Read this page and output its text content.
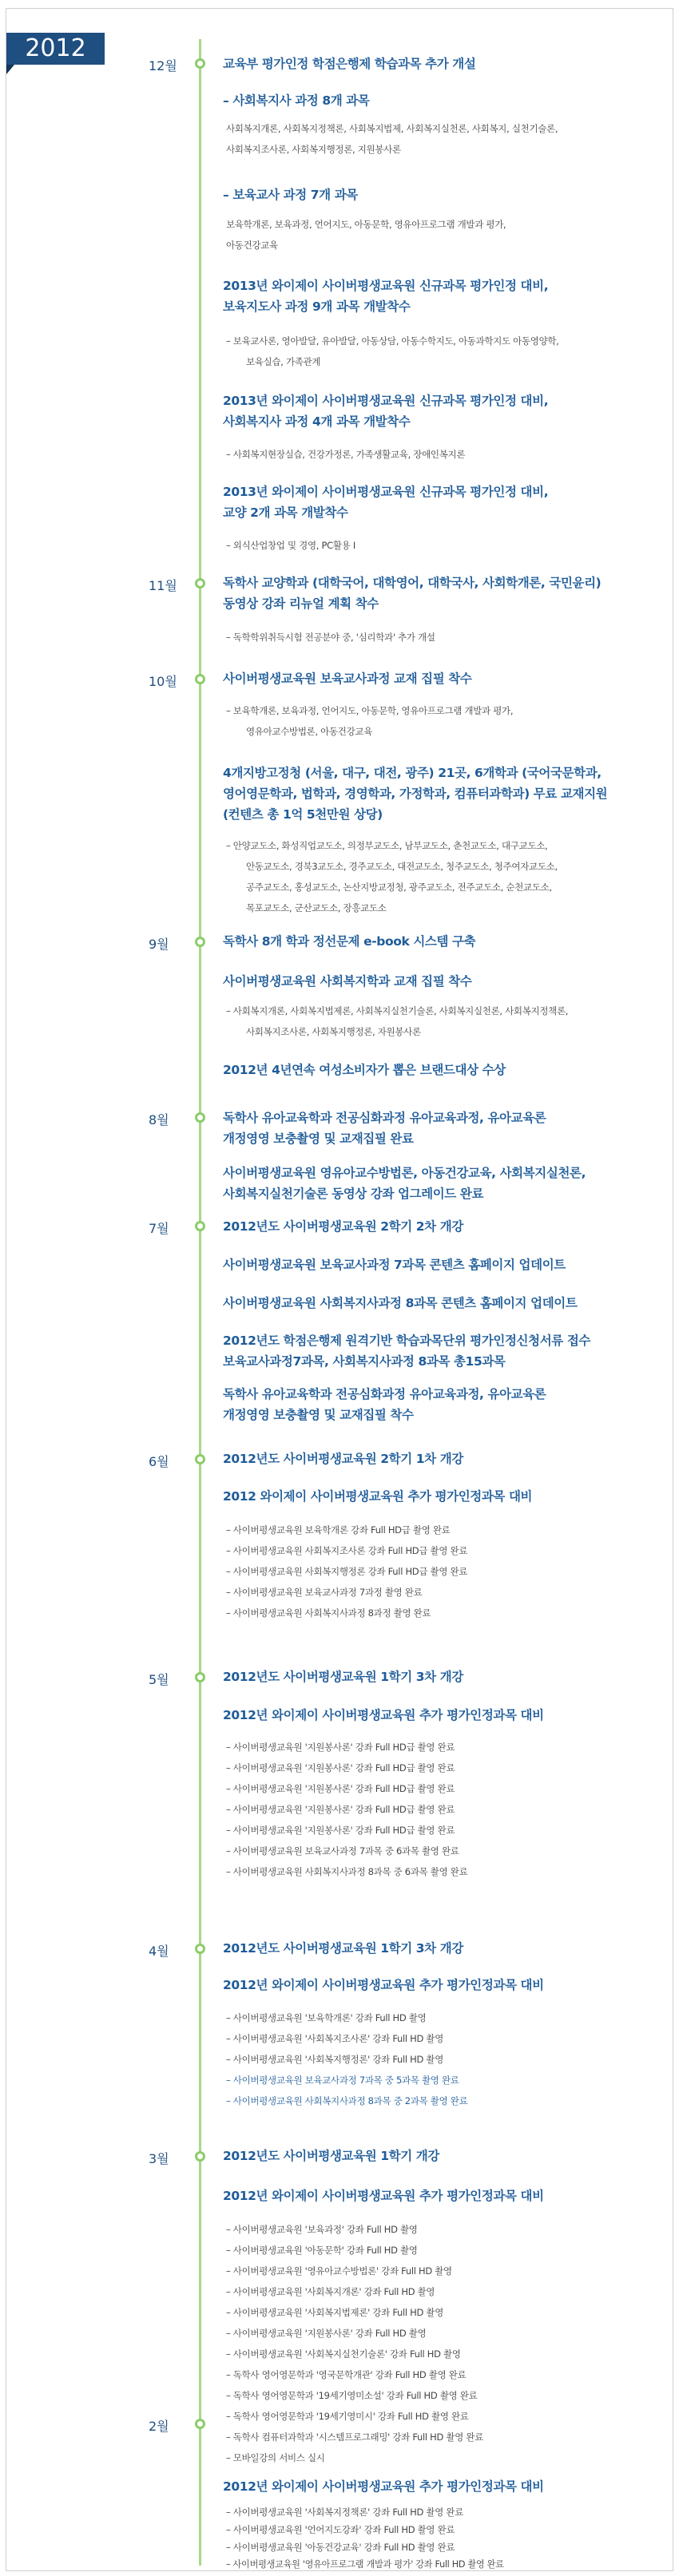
2012
12월
11월
10월
9월
8월
7월
6월
5월
4월
3월
2월
교육부 평가인정 학점은행제 학습과목 추가 개설
– 사회복지사 과정 8개 과목
사회복지개론, 사회복지정책론, 사회복지법제, 사회복지실천론, 사회복지, 실천기술론,
사회복지조사론, 사회복지행정론, 지원봉사론
– 보육교사 과정 7개 과목
보육학개론, 보육과정, 언어지도, 아동문학, 영유아프로그램 개발과 평가,
아동건강교육
2013년 와이제이 사이버평생교육원 신규과목 평가인정 대비,
보육지도사 과정 9개 과목 개발착수
– 보육교사론, 영아발달, 유아발달, 아동상담, 아동수학지도, 아동과학지도 아동영양학,
보육실습, 가족관계
2013년 와이제이 사이버평생교육원 신규과목 평가인정 대비,
사회복지사 과정 4개 과목 개발착수
– 사회복지현장실습, 건강가정론, 가족생활교육, 장애인복지론
2013년 와이제이 사이버평생교육원 신규과목 평가인정 대비,
교양 2개 과목 개발착수
– 외식산업창업 및 경영, PC활용 I
독학사 교양학과 (대학국어, 대학영어, 대학국사, 사회학개론, 국민윤리)
동영상 강좌 리뉴얼 계획 착수
– 독학학위취득시험 전공분야 중, '심리학과' 추가 개설
사이버평생교육원 보육교사과정 교재 집필 착수
– 보육학개론, 보육과정, 언어지도, 아동문학, 영유아프로그램 개발과 평가,
영유아교수방법론, 아동건강교육
4개지방고정청 (서울, 대구, 대전, 광주) 21곳, 6개학과 (국어국문학과,
영어영문학과, 법학과, 경영학과, 가정학과, 컴퓨터과학과) 무료 교재지원
(컨텐츠 총 1억 5천만원 상당)
– 안양교도소, 화성직업교도소, 의정부교도소, 남부교도소, 춘천교도소, 대구교도소,
안동교도소, 경북3교도소, 경주교도소, 대전교도소, 청주교도소, 청주여자교도소,
공주교도소, 홍성교도소, 논산지방교정청, 광주교도소, 전주교도소, 순천교도소,
목포교도소, 군산교도소, 장흥교도소
독학사 8개 학과 정선문제 e-book 시스템 구축
사이버평생교육원 사회복지학과 교재 집필 착수
– 사회복지개론, 사회복지법제론, 사회복지실천기술론, 사회복지실천론, 사회복지정책론,
사회복지조사론, 사회복지행정론, 자원봉사론
2012년 4년연속 여성소비자가 뽑은 브랜드대상 수상
독학사 유아교육학과 전공심화과정 유아교육과정, 유아교육론
개정영영 보충촬영 및 교재집필 완료
사이버평생교육원 영유아교수방법론, 아동건강교육, 사회복지실천론,
사회복지실천기술론 동영상 강좌 업그레이드 완료
2012년도 사이버평생교육원 2학기 2차 개강
사이버평생교육원 보육교사과정 7과목 콘텐츠 홈페이지 업데이트
사이버평생교육원 사회복지사과정 8과목 콘텐츠 홈페이지 업데이트
2012년도 학점은행제 원격기반 학습과목단위 평가인정신청서류 접수
보육교사과정7과목, 사회복지사과정 8과목 총15과목
독학사 유아교육학과 전공심화과정 유아교육과정, 유아교육론
개정영영 보충촬영 및 교재집필 착수
2012년도 사이버평생교육원 2학기 1차 개강
2012 와이제이 사이버평생교육원 추가 평가인정과목 대비
– 사이버평생교육원 보육학개론 강좌 Full HD급 촬영 완료
– 사이버평생교육원 사회복지조사론 강좌 Full HD급 촬영 완료
– 사이버평생교육원 사회복지행정론 강좌 Full HD급 촬영 완료
– 사이버평생교육원 보육교사과정 7과정 촬영 완료
– 사이버평생교육원 사회복지사과정 8과정 촬영 완료
2012년도 사이버평생교육원 1학기 3차 개강
2012년 와이제이 사이버평생교육원 추가 평가인정과목 대비
– 사이버평생교육원 '지원봉사론' 강좌 Full HD급 촬영 완료
– 사이버평생교육원 '지원봉사론' 강좌 Full HD급 촬영 완료
– 사이버평생교육원 '지원봉사론' 강좌 Full HD급 촬영 완료
– 사이버평생교육원 '지원봉사론' 강좌 Full HD급 촬영 완료
– 사이버평생교육원 '지원봉사론' 강좌 Full HD급 촬영 완료
– 사이버평생교육원 보육교사과정 7과목 중 6과목 촬영 완료
– 사이버평생교육원 사회복지사과정 8과목 중 6과목 촬영 완료
2012년도 사이버평생교육원 1학기 3차 개강
2012년 와이제이 사이버평생교육원 추가 평가인정과목 대비
– 사이버평생교육원 '보육학개론' 강좌 Full HD 촬영
– 사이버평생교육원 '사회복지조사론' 강좌 Full HD 촬영
– 사이버평생교육원 '사회복지행정론' 강좌 Full HD 촬영
– 사이버평생교육원 보육교사과정 7과목 중 5과목 촬영 완료
– 사이버평생교육원 사회복지사과정 8과목 중 2과목 촬영 완료
2012년도 사이버평생교육원 1학기 개강
2012년 와이제이 사이버평생교육원 추가 평가인정과목 대비
– 사이버평생교육원 '보육과정' 강좌 Full HD 촬영
– 사이버평생교육원 '아동문학' 강좌 Full HD 촬영
– 사이버평생교육원 '영유아교수방법론' 강좌 Full HD 촬영
– 사이버평생교육원 '사회복지개론' 강좌 Full HD 촬영
– 사이버평생교육원 '사회복지법제론' 강좌 Full HD 촬영
– 사이버평생교육원 '지원봉사론' 강좌 Full HD 촬영
– 사이버평생교육원 '사회복지실천기술론' 강좌 Full HD 촬영
– 독학사 영어영문학과 '영국문학개관' 강좌 Full HD 촬영 완료
– 독학사 영어영문학과 '19세기영미소설' 강좌 Full HD 촬영 완료
– 독학사 영어영문학과 '19세기영미시' 강좌 Full HD 촬영 완료
– 독학사 컴퓨터과학과 '시스템프로그래밍' 강좌 Full HD 촬영 완료
– 모바일강의 서비스 실시
2012년 와이제이 사이버평생교육원 추가 평가인정과목 대비
– 사이버평생교육원 '사회복지정책론' 강좌 Full HD 촬영 완료
– 사이버평생교육원 '언어지도강좌' 강좌 Full HD 촬영 완료
– 사이버평생교육원 '아동건강교육' 강좌 Full HD 촬영 완료
– 사이버평생교육원 '영유아프로그램 개발과 평가' 강좌 Full HD 촬영 완료
